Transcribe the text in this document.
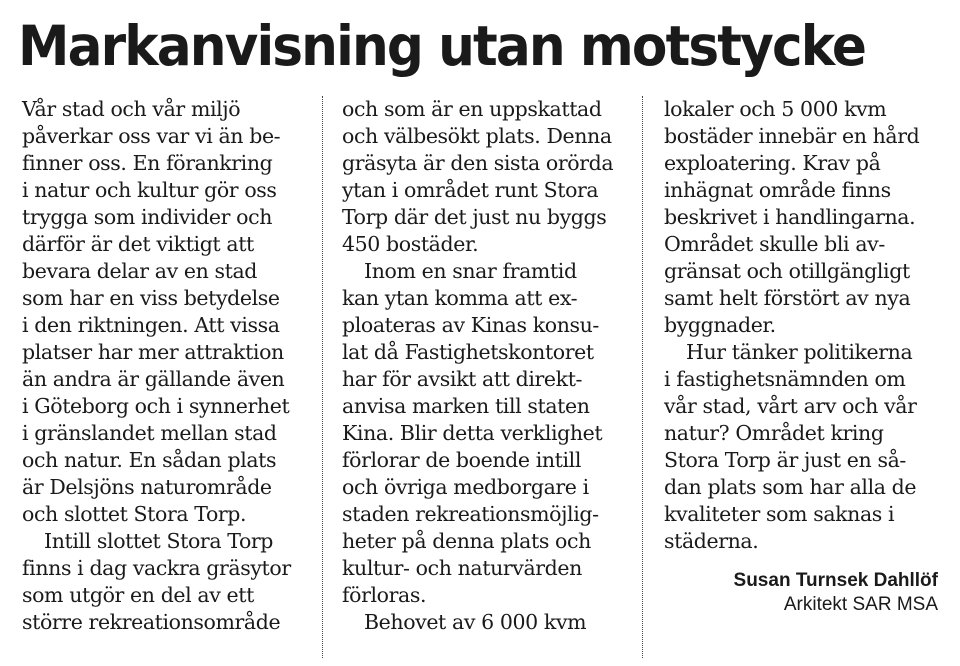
Markanvisning utan motstycke
Vår stad och vår miljö
påverkar oss var vi än be-
finner oss. En förankring
i natur och kultur gör oss
trygga som individer och
därför är det viktigt att
bevara delar av en stad
som har en viss betydelse
i den riktningen. Att vissa
platser har mer attraktion
än andra är gällande även
i Göteborg och i synnerhet
i gränslandet mellan stad
och natur. En sådan plats
är Delsjöns naturområde
och slottet Stora Torp.
Intill slottet Stora Torp
finns i dag vackra gräsytor
som utgör en del av ett
större rekreationsområde
och som är en uppskattad
och välbesökt plats. Denna
gräsyta är den sista orörda
ytan i området runt Stora
Torp där det just nu byggs
450 bostäder.
Inom en snar framtid
kan ytan komma att ex-
ploateras av Kinas konsu-
lat då Fastighetskontoret
har för avsikt att direkt-
anvisa marken till staten
Kina. Blir detta verklighet
förlorar de boende intill
och övriga medborgare i
staden rekreationsmöjlig-
heter på denna plats och
kultur- och naturvärden
förloras.
Behovet av 6 000 kvm
lokaler och 5 000 kvm
bostäder innebär en hård
exploatering. Krav på
inhägnat område finns
beskrivet i handlingarna.
Området skulle bli av-
gränsat och otillgängligt
samt helt förstört av nya
byggnader.
Hur tänker politikerna
i fastighetsnämnden om
vår stad, vårt arv och vår
natur? Området kring
Stora Torp är just en så-
dan plats som har alla de
kvaliteter som saknas i
städerna.
Susan Turnsek Dahllöf
Arkitekt SAR MSA
